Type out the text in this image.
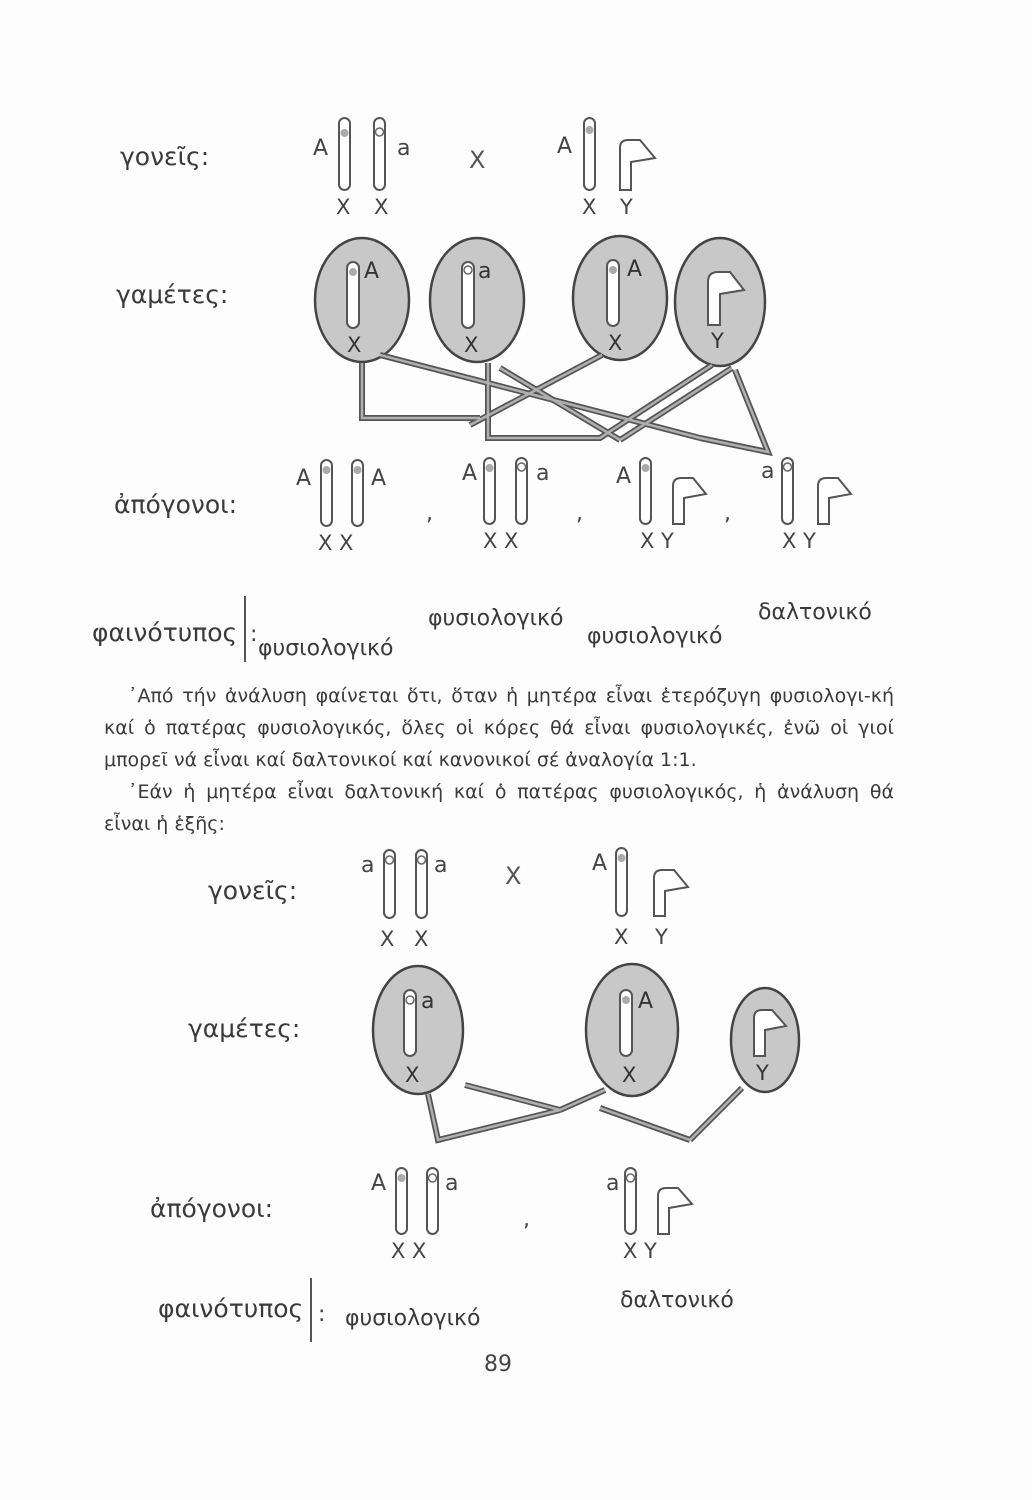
γονεῖς:
γαμέτες:
ἀπόγονοι:
A	a
X X
X	A
X Y
A
X
a
X
A
X	Y
A	A
X X
,
A	a
X X
,
A
X Y
,
a
X Y
a	a
X X
X	A
X Y
a
X
A
X	Y
A	a
X X
,
a
X Y
φαινότυπος :
φυσιολογικό
φυσιολογικό
φυσιολογικό
δαλτονικό
᾿Από τήν ἀνάλυση φαίνεται ὅτι, ὅταν ἡ μητέρα εἶναι ἑτερόζυγη φυσιολογι-κή καί ὁ πατέρας φυσιολογικός, ὅλες οἱ κόρες θά εἶναι φυσιολογικές, ἐνῶ οἱ γιοί μπορεῖ νά εἶναι καί δαλτονικοί καί κανονικοί σέ ἀναλογία 1:1.
᾿Εάν ἡ μητέρα εἶναι δαλτονική καί ὁ πατέρας φυσιολογικός, ἡ ἀνάλυση θά εἶναι ἡ ἑξῆς:
γονεῖς:
γαμέτες:
ἀπόγονοι:
φαινότυπος : φυσιολογικό
δαλτονικό
89
